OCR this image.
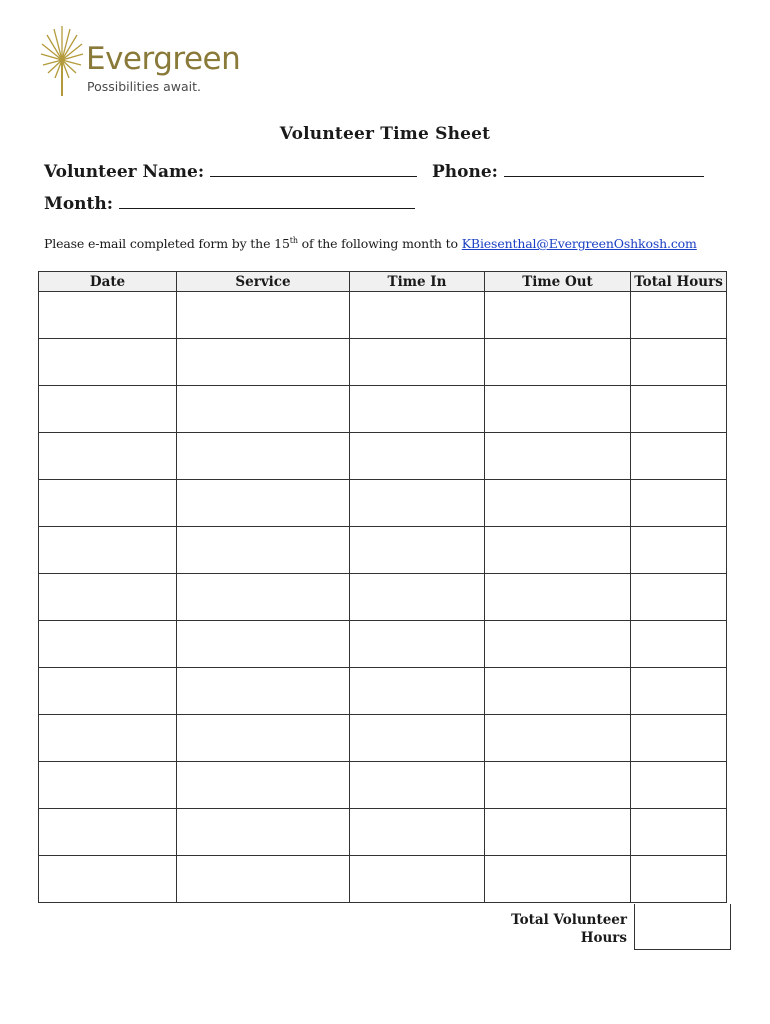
Evergreen
Possibilities await.
Volunteer Time Sheet
Volunteer Name:	Phone:
Month:
Please e-mail completed form by the 15th of the following month to KBiesenthal@EvergreenOshkosh.com
Date	Service	Time In	Time Out	Total Hours

Total Volunteer
Hours
